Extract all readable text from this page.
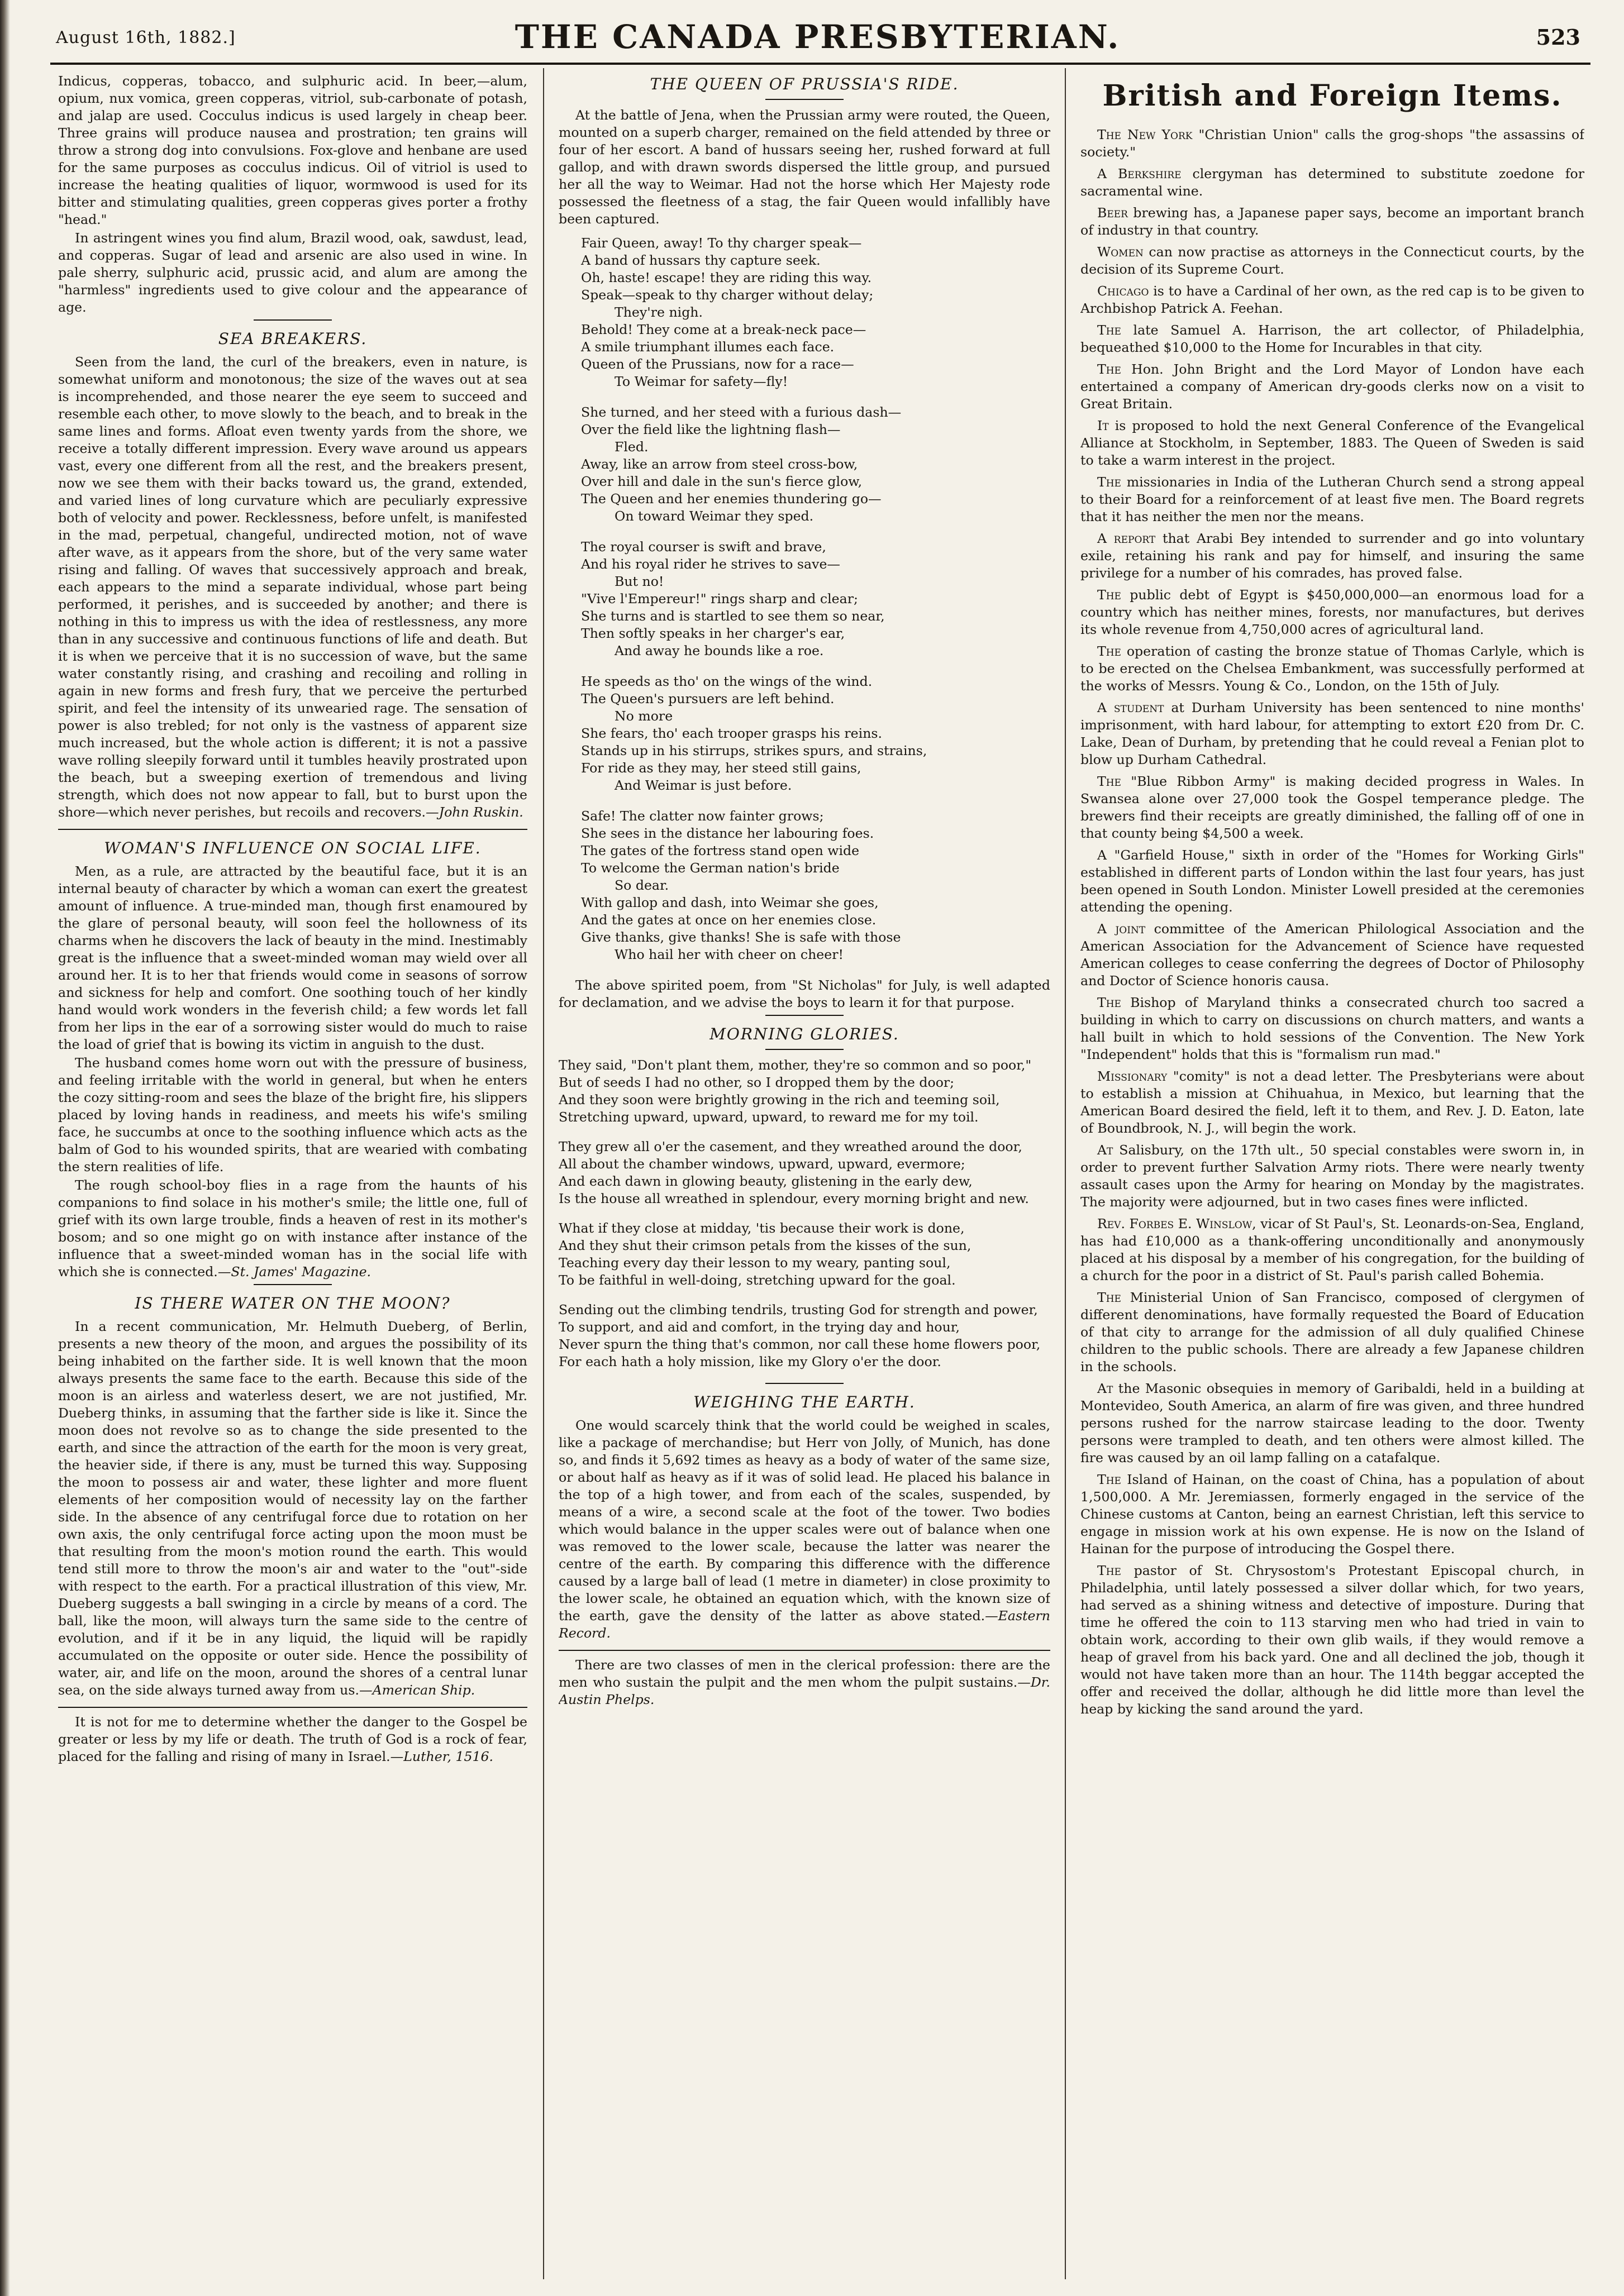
August 16th, 1882.]	THE CANADA PRESBYTERIAN.	523

Indicus, copperas, tobacco, and sulphuric acid. In beer,—alum, opium, nux vomica, green copperas, vitriol, sub-carbonate of potash, and jalap are used. Cocculus indicus is used largely in cheap beer. Three grains will produce nausea and prostration; ten grains will throw a strong dog into convulsions. Fox-glove and henbane are used for the same purposes as cocculus indicus. Oil of vitriol is used to increase the heating qualities of liquor, wormwood is used for its bitter and stimulating qualities, green copperas gives porter a frothy "head."

In astringent wines you find alum, Brazil wood, oak, sawdust, lead, and copperas. Sugar of lead and arsenic are also used in wine. In pale sherry, sulphuric acid, prussic acid, and alum are among the "harmless" ingredients used to give colour and the appearance of age.

SEA BREAKERS.

Seen from the land, the curl of the breakers, even in nature, is somewhat uniform and monotonous; the size of the waves out at sea is incomprehended, and those nearer the eye seem to succeed and resemble each other, to move slowly to the beach, and to break in the same lines and forms. Afloat even twenty yards from the shore, we receive a totally different impression. Every wave around us appears vast, every one different from all the rest, and the breakers present, now we see them with their backs toward us, the grand, extended, and varied lines of long curvature which are peculiarly expressive both of velocity and power. Recklessness, before unfelt, is manifested in the mad, perpetual, changeful, undirected motion, not of wave after wave, as it appears from the shore, but of the very same water rising and falling. Of waves that successively approach and break, each appears to the mind a separate individual, whose part being performed, it perishes, and is succeeded by another; and there is nothing in this to impress us with the idea of restlessness, any more than in any successive and continuous functions of life and death. But it is when we perceive that it is no succession of wave, but the same water constantly rising, and crashing and recoiling and rolling in again in new forms and fresh fury, that we perceive the perturbed spirit, and feel the intensity of its unwearied rage. The sensation of power is also trebled; for not only is the vastness of apparent size much increased, but the whole action is different; it is not a passive wave rolling sleepily forward until it tumbles heavily prostrated upon the beach, but a sweeping exertion of tremendous and living strength, which does not now appear to fall, but to burst upon the shore—which never perishes, but recoils and recovers.—John Ruskin.

WOMAN'S INFLUENCE ON SOCIAL LIFE.

Men, as a rule, are attracted by the beautiful face, but it is an internal beauty of character by which a woman can exert the greatest amount of influence. A true-minded man, though first enamoured by the glare of personal beauty, will soon feel the hollowness of its charms when he discovers the lack of beauty in the mind. Inestimably great is the influence that a sweet-minded woman may wield over all around her. It is to her that friends would come in seasons of sorrow and sickness for help and comfort. One soothing touch of her kindly hand would work wonders in the feverish child; a few words let fall from her lips in the ear of a sorrowing sister would do much to raise the load of grief that is bowing its victim in anguish to the dust.

The husband comes home worn out with the pressure of business, and feeling irritable with the world in general, but when he enters the cozy sitting-room and sees the blaze of the bright fire, his slippers placed by loving hands in readiness, and meets his wife's smiling face, he succumbs at once to the soothing influence which acts as the balm of God to his wounded spirits, that are wearied with combating the stern realities of life.

The rough school-boy flies in a rage from the haunts of his companions to find solace in his mother's smile; the little one, full of grief with its own large trouble, finds a heaven of rest in its mother's bosom; and so one might go on with instance after instance of the influence that a sweet-minded woman has in the social life with which she is connected.—St. James' Magazine.

IS THERE WATER ON THE MOON?

In a recent communication, Mr. Helmuth Dueberg, of Berlin, presents a new theory of the moon, and argues the possibility of its being inhabited on the farther side. It is well known that the moon always presents the same face to the earth. Because this side of the moon is an airless and waterless desert, we are not justified, Mr. Dueberg thinks, in assuming that the farther side is like it. Since the moon does not revolve so as to change the side presented to the earth, and since the attraction of the earth for the moon is very great, the heavier side, if there is any, must be turned this way. Supposing the moon to possess air and water, these lighter and more fluent elements of her composition would of necessity lay on the farther side. In the absence of any centrifugal force due to rotation on her own axis, the only centrifugal force acting upon the moon must be that resulting from the moon's motion round the earth. This would tend still more to throw the moon's air and water to the "out"-side with respect to the earth. For a practical illustration of this view, Mr. Dueberg suggests a ball swinging in a circle by means of a cord. The ball, like the moon, will always turn the same side to the centre of evolution, and if it be in any liquid, the liquid will be rapidly accumulated on the opposite or outer side. Hence the possibility of water, air, and life on the moon, around the shores of a central lunar sea, on the side always turned away from us.—American Ship.

It is not for me to determine whether the danger to the Gospel be greater or less by my life or death. The truth of God is a rock of fear, placed for the falling and rising of many in Israel.—Luther, 1516.

THE QUEEN OF PRUSSIA'S RIDE.

At the battle of Jena, when the Prussian army were routed, the Queen, mounted on a superb charger, remained on the field attended by three or four of her escort. A band of hussars seeing her, rushed forward at full gallop, and with drawn swords dispersed the little group, and pursued her all the way to Weimar. Had not the horse which Her Majesty rode possessed the fleetness of a stag, the fair Queen would infallibly have been captured.

Fair Queen, away! To thy charger speak—
A band of hussars thy capture seek.
Oh, haste! escape! they are riding this way.
Speak—speak to thy charger without delay;
They're nigh.
Behold! They come at a break-neck pace—
A smile triumphant illumes each face.
Queen of the Prussians, now for a race—
To Weimar for safety—fly!
She turned, and her steed with a furious dash—
Over the field like the lightning flash—
Fled.
Away, like an arrow from steel cross-bow,
Over hill and dale in the sun's fierce glow,
The Queen and her enemies thundering go—
On toward Weimar they sped.
The royal courser is swift and brave,
And his royal rider he strives to save—
But no!
"Vive l'Empereur!" rings sharp and clear;
She turns and is startled to see them so near,
Then softly speaks in her charger's ear,
And away he bounds like a roe.
He speeds as tho' on the wings of the wind.
The Queen's pursuers are left behind.
No more
She fears, tho' each trooper grasps his reins.
Stands up in his stirrups, strikes spurs, and strains,
For ride as they may, her steed still gains,
And Weimar is just before.
Safe! The clatter now fainter grows;
She sees in the distance her labouring foes.
The gates of the fortress stand open wide
To welcome the German nation's bride
So dear.
With gallop and dash, into Weimar she goes,
And the gates at once on her enemies close.
Give thanks, give thanks! She is safe with those
Who hail her with cheer on cheer!

The above spirited poem, from "St Nicholas" for July, is well adapted for declamation, and we advise the boys to learn it for that purpose.

MORNING GLORIES.

They said, "Don't plant them, mother, they're so common and so poor,"

But of seeds I had no other, so I dropped them by the door;

And they soon were brightly growing in the rich and teeming soil,

Stretching upward, upward, upward, to reward me for my toil.

They grew all o'er the casement, and they wreathed around the door,

All about the chamber windows, upward, upward, evermore;

And each dawn in glowing beauty, glistening in the early dew,

Is the house all wreathed in splendour, every morning bright and new.

What if they close at midday, 'tis because their work is done,

And they shut their crimson petals from the kisses of the sun,

Teaching every day their lesson to my weary, panting soul,

To be faithful in well-doing, stretching upward for the goal.

Sending out the climbing tendrils, trusting God for strength and power,

To support, and aid and comfort, in the trying day and hour,

Never spurn the thing that's common, nor call these home flowers poor,

For each hath a holy mission, like my Glory o'er the door.

WEIGHING THE EARTH.

One would scarcely think that the world could be weighed in scales, like a package of merchandise; but Herr von Jolly, of Munich, has done so, and finds it 5,692 times as heavy as a body of water of the same size, or about half as heavy as if it was of solid lead. He placed his balance in the top of a high tower, and from each of the scales, suspended, by means of a wire, a second scale at the foot of the tower. Two bodies which would balance in the upper scales were out of balance when one was removed to the lower scale, because the latter was nearer the centre of the earth. By comparing this difference with the difference caused by a large ball of lead (1 metre in diameter) in close proximity to the lower scale, he obtained an equation which, with the known size of the earth, gave the density of the latter as above stated.—Eastern Record.

There are two classes of men in the clerical profession: there are the men who sustain the pulpit and the men whom the pulpit sustains.—Dr. Austin Phelps.

British and Foreign Items.

The New York "Christian Union" calls the grog-shops "the assassins of society."

A Berkshire clergyman has determined to substitute zoedone for sacramental wine.

Beer brewing has, a Japanese paper says, become an important branch of industry in that country.

Women can now practise as attorneys in the Connecticut courts, by the decision of its Supreme Court.

Chicago is to have a Cardinal of her own, as the red cap is to be given to Archbishop Patrick A. Feehan.

The late Samuel A. Harrison, the art collector, of Philadelphia, bequeathed $10,000 to the Home for Incurables in that city.

The Hon. John Bright and the Lord Mayor of London have each entertained a company of American dry-goods clerks now on a visit to Great Britain.

It is proposed to hold the next General Conference of the Evangelical Alliance at Stockholm, in September, 1883. The Queen of Sweden is said to take a warm interest in the project.

The missionaries in India of the Lutheran Church send a strong appeal to their Board for a reinforcement of at least five men. The Board regrets that it has neither the men nor the means.

A report that Arabi Bey intended to surrender and go into voluntary exile, retaining his rank and pay for himself, and insuring the same privilege for a number of his comrades, has proved false.

The public debt of Egypt is $450,000,000—an enormous load for a country which has neither mines, forests, nor manufactures, but derives its whole revenue from 4,750,000 acres of agricultural land.

The operation of casting the bronze statue of Thomas Carlyle, which is to be erected on the Chelsea Embankment, was successfully performed at the works of Messrs. Young & Co., London, on the 15th of July.

A student at Durham University has been sentenced to nine months' imprisonment, with hard labour, for attempting to extort £20 from Dr. C. Lake, Dean of Durham, by pretending that he could reveal a Fenian plot to blow up Durham Cathedral.

The "Blue Ribbon Army" is making decided progress in Wales. In Swansea alone over 27,000 took the Gospel temperance pledge. The brewers find their receipts are greatly diminished, the falling off of one in that county being $4,500 a week.

A "Garfield House," sixth in order of the "Homes for Working Girls" established in different parts of London within the last four years, has just been opened in South London. Minister Lowell presided at the ceremonies attending the opening.

A joint committee of the American Philological Association and the American Association for the Advancement of Science have requested American colleges to cease conferring the degrees of Doctor of Philosophy and Doctor of Science honoris causa.

The Bishop of Maryland thinks a consecrated church too sacred a building in which to carry on discussions on church matters, and wants a hall built in which to hold sessions of the Convention. The New York "Independent" holds that this is "formalism run mad."

Missionary "comity" is not a dead letter. The Presbyterians were about to establish a mission at Chihuahua, in Mexico, but learning that the American Board desired the field, left it to them, and Rev. J. D. Eaton, late of Boundbrook, N. J., will begin the work.

At Salisbury, on the 17th ult., 50 special constables were sworn in, in order to prevent further Salvation Army riots. There were nearly twenty assault cases upon the Army for hearing on Monday by the magistrates. The majority were adjourned, but in two cases fines were inflicted.

Rev. Forbes E. Winslow, vicar of St Paul's, St. Leonards-on-Sea, England, has had £10,000 as a thank-offering unconditionally and anonymously placed at his disposal by a member of his congregation, for the building of a church for the poor in a district of St. Paul's parish called Bohemia.

The Ministerial Union of San Francisco, composed of clergymen of different denominations, have formally requested the Board of Education of that city to arrange for the admission of all duly qualified Chinese children to the public schools. There are already a few Japanese children in the schools.

At the Masonic obsequies in memory of Garibaldi, held in a building at Montevideo, South America, an alarm of fire was given, and three hundred persons rushed for the narrow staircase leading to the door. Twenty persons were trampled to death, and ten others were almost killed. The fire was caused by an oil lamp falling on a catafalque.

The Island of Hainan, on the coast of China, has a population of about 1,500,000. A Mr. Jeremiassen, formerly engaged in the service of the Chinese customs at Canton, being an earnest Christian, left this service to engage in mission work at his own expense. He is now on the Island of Hainan for the purpose of introducing the Gospel there.

The pastor of St. Chrysostom's Protestant Episcopal church, in Philadelphia, until lately possessed a silver dollar which, for two years, had served as a shining witness and detective of imposture. During that time he offered the coin to 113 starving men who had tried in vain to obtain work, according to their own glib wails, if they would remove a heap of gravel from his back yard. One and all declined the job, though it would not have taken more than an hour. The 114th beggar accepted the offer and received the dollar, although he did little more than level the heap by kicking the sand around the yard.
